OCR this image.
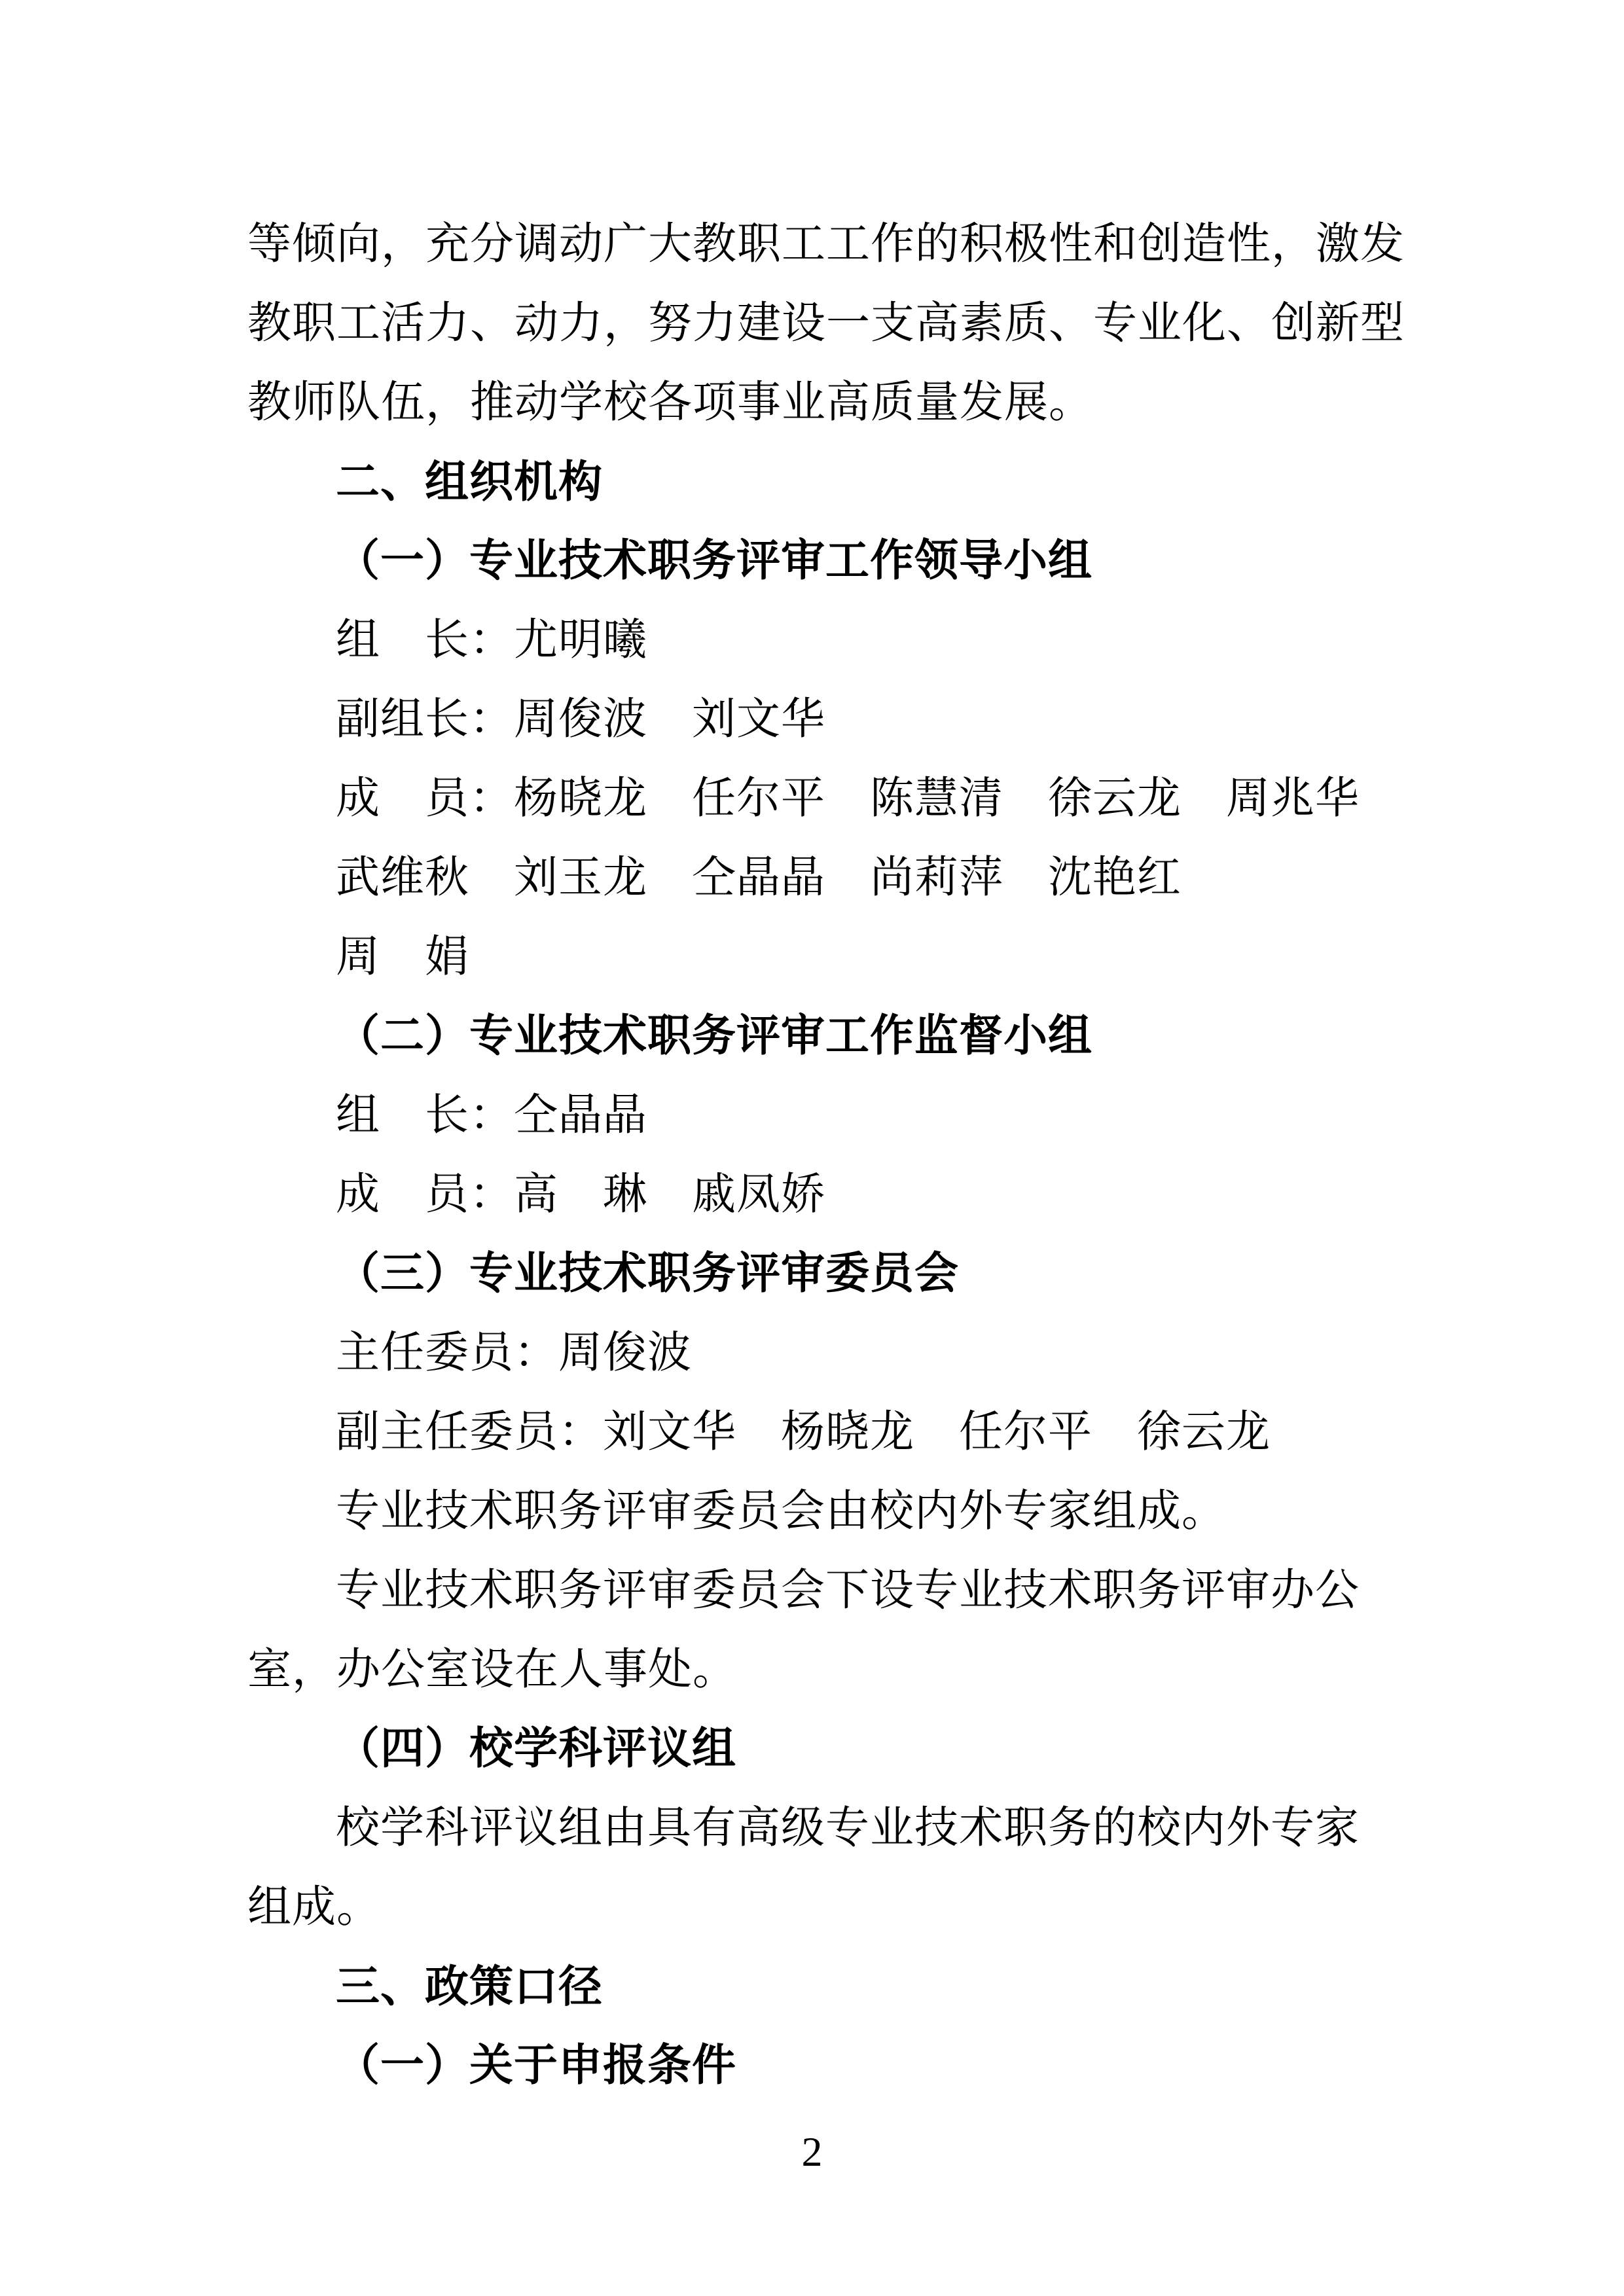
等倾向，充分调动广大教职工工作的积极性和创造性，激发
教职工活力、动力，努力建设一支高素质、专业化、创新型
教师队伍，推动学校各项事业高质量发展。
二、组织机构
（一）专业技术职务评审工作领导小组
组　长：尤明曦
副组长：周俊波　刘文华
成　员：杨晓龙　任尔平　陈慧清　徐云龙　周兆华
武维秋　刘玉龙　仝晶晶　尚莉萍　沈艳红
周　娟
（二）专业技术职务评审工作监督小组
组　长：仝晶晶
成　员：高　琳　戚凤娇
（三）专业技术职务评审委员会
主任委员：周俊波
副主任委员：刘文华　杨晓龙　任尔平　徐云龙
专业技术职务评审委员会由校内外专家组成。
专业技术职务评审委员会下设专业技术职务评审办公
室，办公室设在人事处。
（四）校学科评议组
校学科评议组由具有高级专业技术职务的校内外专家
组成。
三、政策口径
（一）关于申报条件
2
